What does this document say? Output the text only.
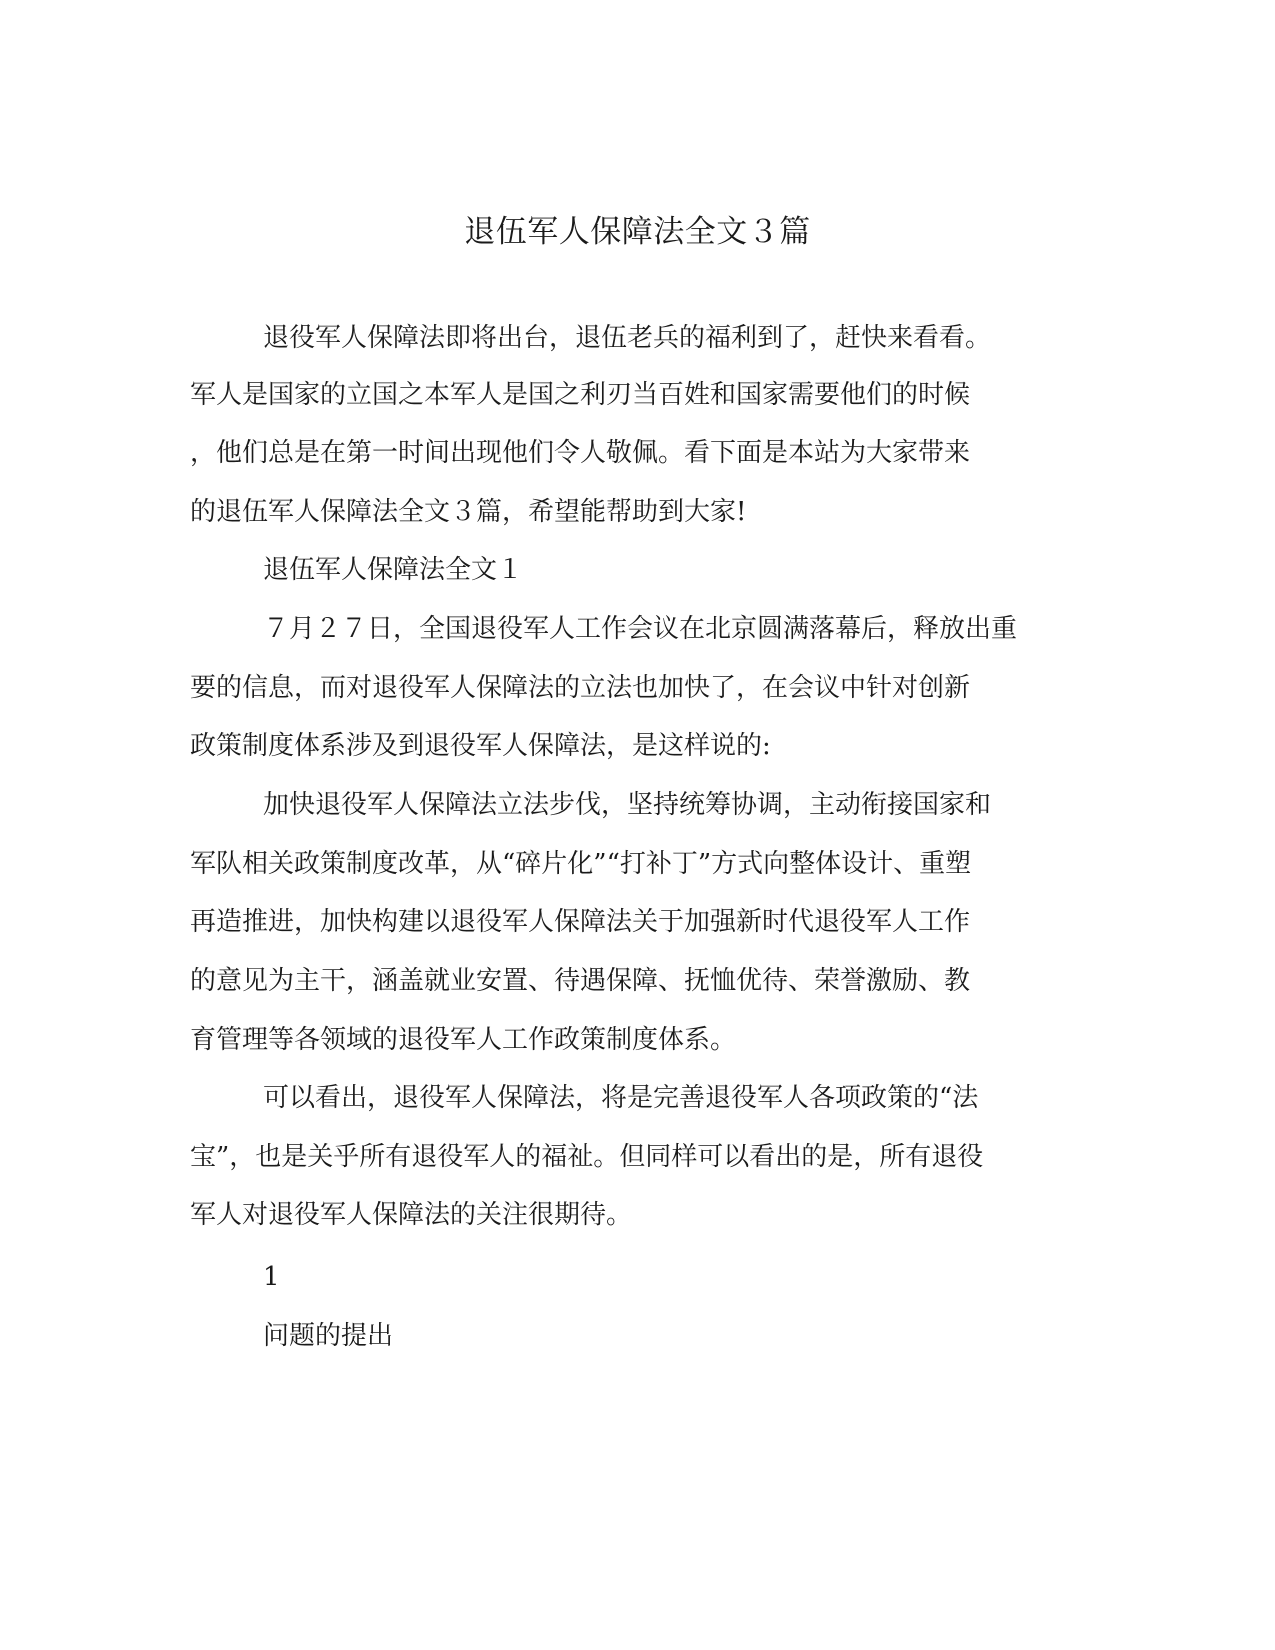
退伍军人保障法全文３篇

退役军人保障法即将出台，退伍老兵的福利到了，赶快来看看。

军人是国家的立国之本军人是国之利刃当百姓和国家需要他们的时候

，他们总是在第一时间出现他们令人敬佩。看下面是本站为大家带来

的退伍军人保障法全文３篇，希望能帮助到大家!

退伍军人保障法全文１

７月２７日，全国退役军人工作会议在北京圆满落幕后，释放出重

要的信息，而对退役军人保障法的立法也加快了，在会议中针对创新

政策制度体系涉及到退役军人保障法，是这样说的:

加快退役军人保障法立法步伐，坚持统筹协调，主动衔接国家和

军队相关政策制度改革，从“碎片化”“打补丁”方式向整体设计、重塑

再造推进，加快构建以退役军人保障法关于加强新时代退役军人工作

的意见为主干，涵盖就业安置、待遇保障、抚恤优待、荣誉激励、教

育管理等各领域的退役军人工作政策制度体系。

可以看出，退役军人保障法，将是完善退役军人各项政策的“法

宝”，也是关乎所有退役军人的福祉。但同样可以看出的是，所有退役

军人对退役军人保障法的关注很期待。

1

问题的提出
